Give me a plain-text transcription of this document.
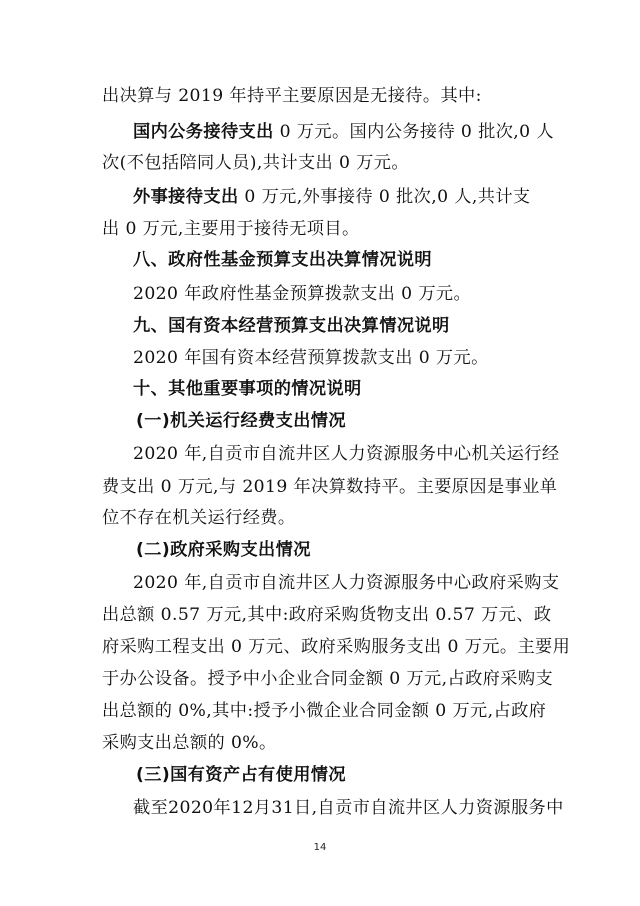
出决算与 2019 年持平主要原因是无接待。其中:
国内公务接待支出 0 万元。国内公务接待 0 批次,0 人
次(不包括陪同人员),共计支出 0 万元。
外事接待支出 0 万元,外事接待 0 批次,0 人,共计支
出 0 万元,主要用于接待无项目。
八、政府性基金预算支出决算情况说明
2020 年政府性基金预算拨款支出 0 万元。
九、国有资本经营预算支出决算情况说明
2020 年国有资本经营预算拨款支出 0 万元。
十、其他重要事项的情况说明
(一)机关运行经费支出情况
2020 年,自贡市自流井区人力资源服务中心机关运行经
费支出 0 万元,与 2019 年决算数持平。主要原因是事业单
位不存在机关运行经费。
(二)政府采购支出情况
2020 年,自贡市自流井区人力资源服务中心政府采购支
出总额 0.57 万元,其中:政府采购货物支出 0.57 万元、政
府采购工程支出 0 万元、政府采购服务支出 0 万元。主要用
于办公设备。授予中小企业合同金额 0 万元,占政府采购支
出总额的 0%,其中:授予小微企业合同金额 0 万元,占政府
采购支出总额的 0%。
(三)国有资产占有使用情况
截至2020年12月31日,自贡市自流井区人力资源服务中
14
